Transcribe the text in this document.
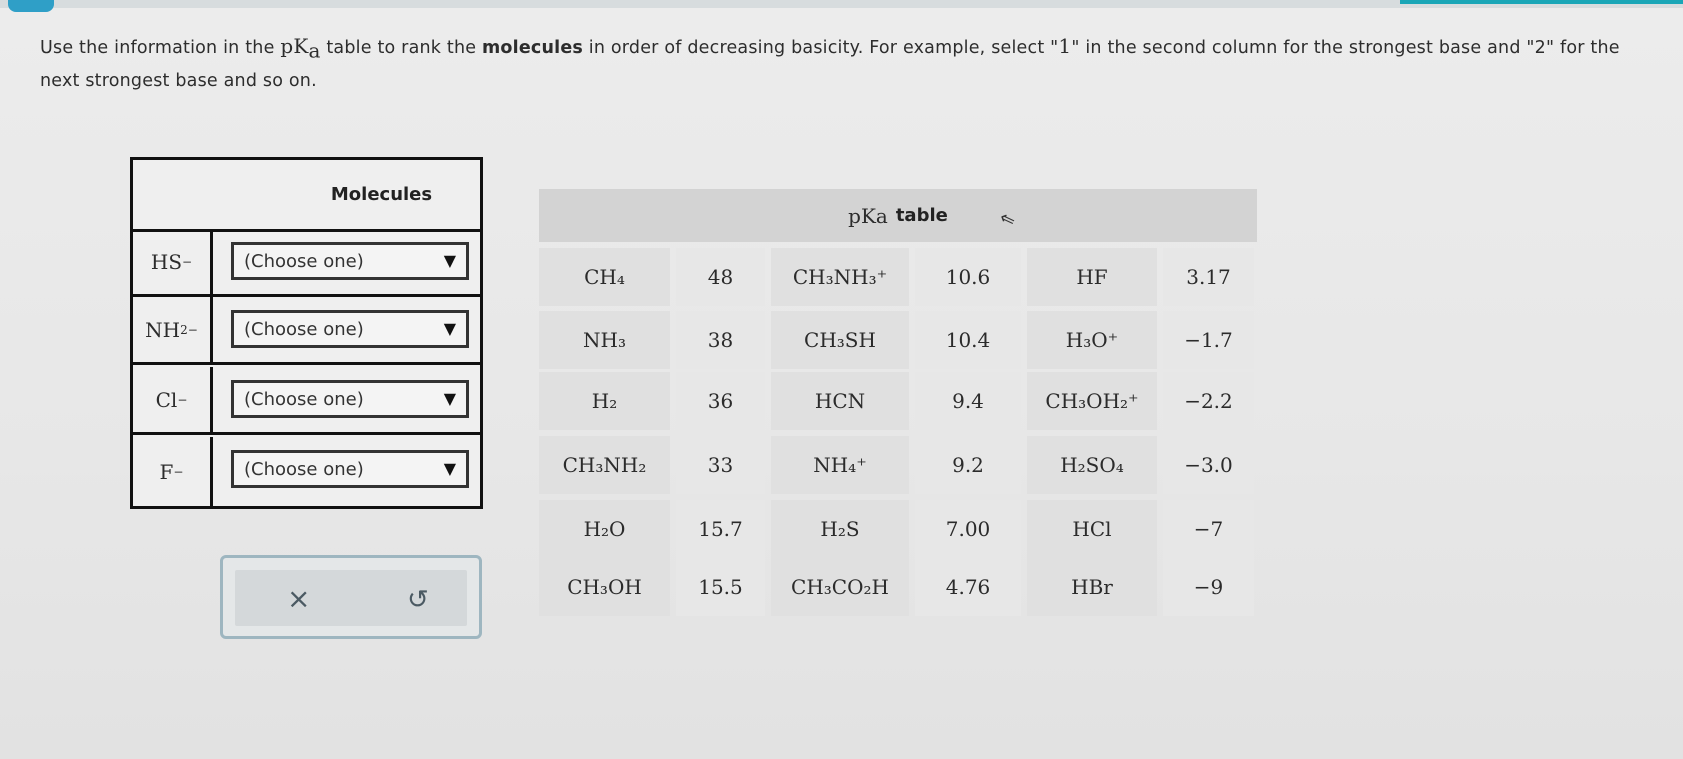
Use the information in the $pK_a$ table to rank the molecules in order of decreasing basicity. For example, select "1" in the second column for the strongest base and "2" for the next strongest base and so on.
Molecules
HS −	(Choose one)	▼
NH 2 −	(Choose one)	▼
Cl −	(Choose one)	▼
F −	(Choose one)	▼
×	↺
pK a table	⇖
CH₄	48	CH₃NH₃⁺	10.6	HF	3.17
NH₃	38	CH₃SH	10.4	H₃O⁺	−1.7
H₂	36	HCN	9.4	CH₃OH₂⁺	−2.2
CH₃NH₂	33	NH₄⁺	9.2	H₂SO₄	−3.0
H₂O	15.7	H₂S	7.00	HCl	−7
CH₃OH	15.5	CH₃CO₂H	4.76	HBr	−9
